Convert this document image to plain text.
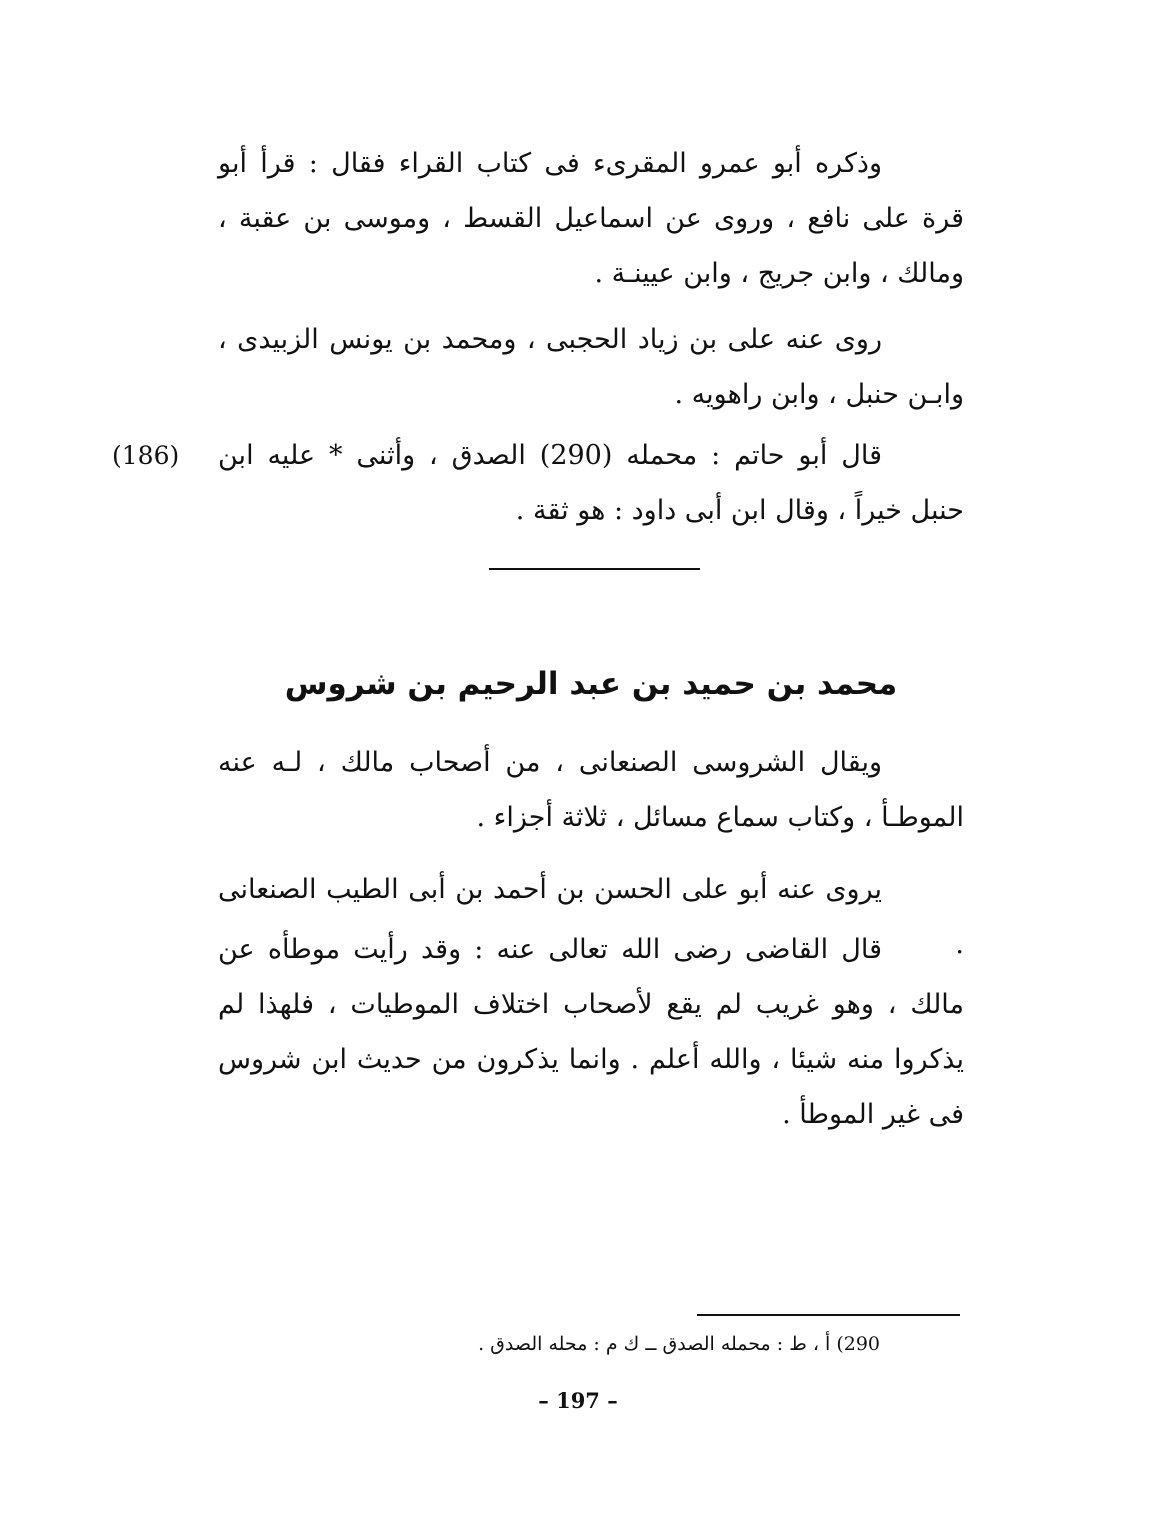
وذكره أبو عمرو المقرىء فى كتاب القراء فقال : قرأ أبو قرة على نافع ، وروى عن اسماعيل القسط ، وموسى بن عقبة ، ومالك ، وابن جريج ، وابن عيينـة .

روى عنه على بن زياد الحجبى ، ومحمد بن يونس الزبيدى ، وابـن حنبل ، وابن راهويه .

قال أبو حاتم : محمله (290) الصدق ، وأثنى * عليه ابن حنبل خيراً ، وقال ابن أبى داود : هو ثقة .

(186)
محمد بن حميد بن عبد الرحيم بن شروس

ويقال الشروسى الصنعانى ، من أصحاب مالك ، لـه عنه الموطـأ ، وكتاب سماع مسائل ، ثلاثة أجزاء .

يروى عنه أبو على الحسن بن أحمد بن أبى الطيب الصنعانى .

قال القاضى رضى الله تعالى عنه : وقد رأيت موطأه عن مالك ، وهو غريب لم يقع لأصحاب اختلاف الموطيات ، فلهذا لم يذكروا منه شيئا ، والله أعلم . وانما يذكرون من حديث ابن شروس فى غير الموطأ .

290) أ ، ط : محمله الصدق ــ ك م : محله الصدق .
– 197 –
